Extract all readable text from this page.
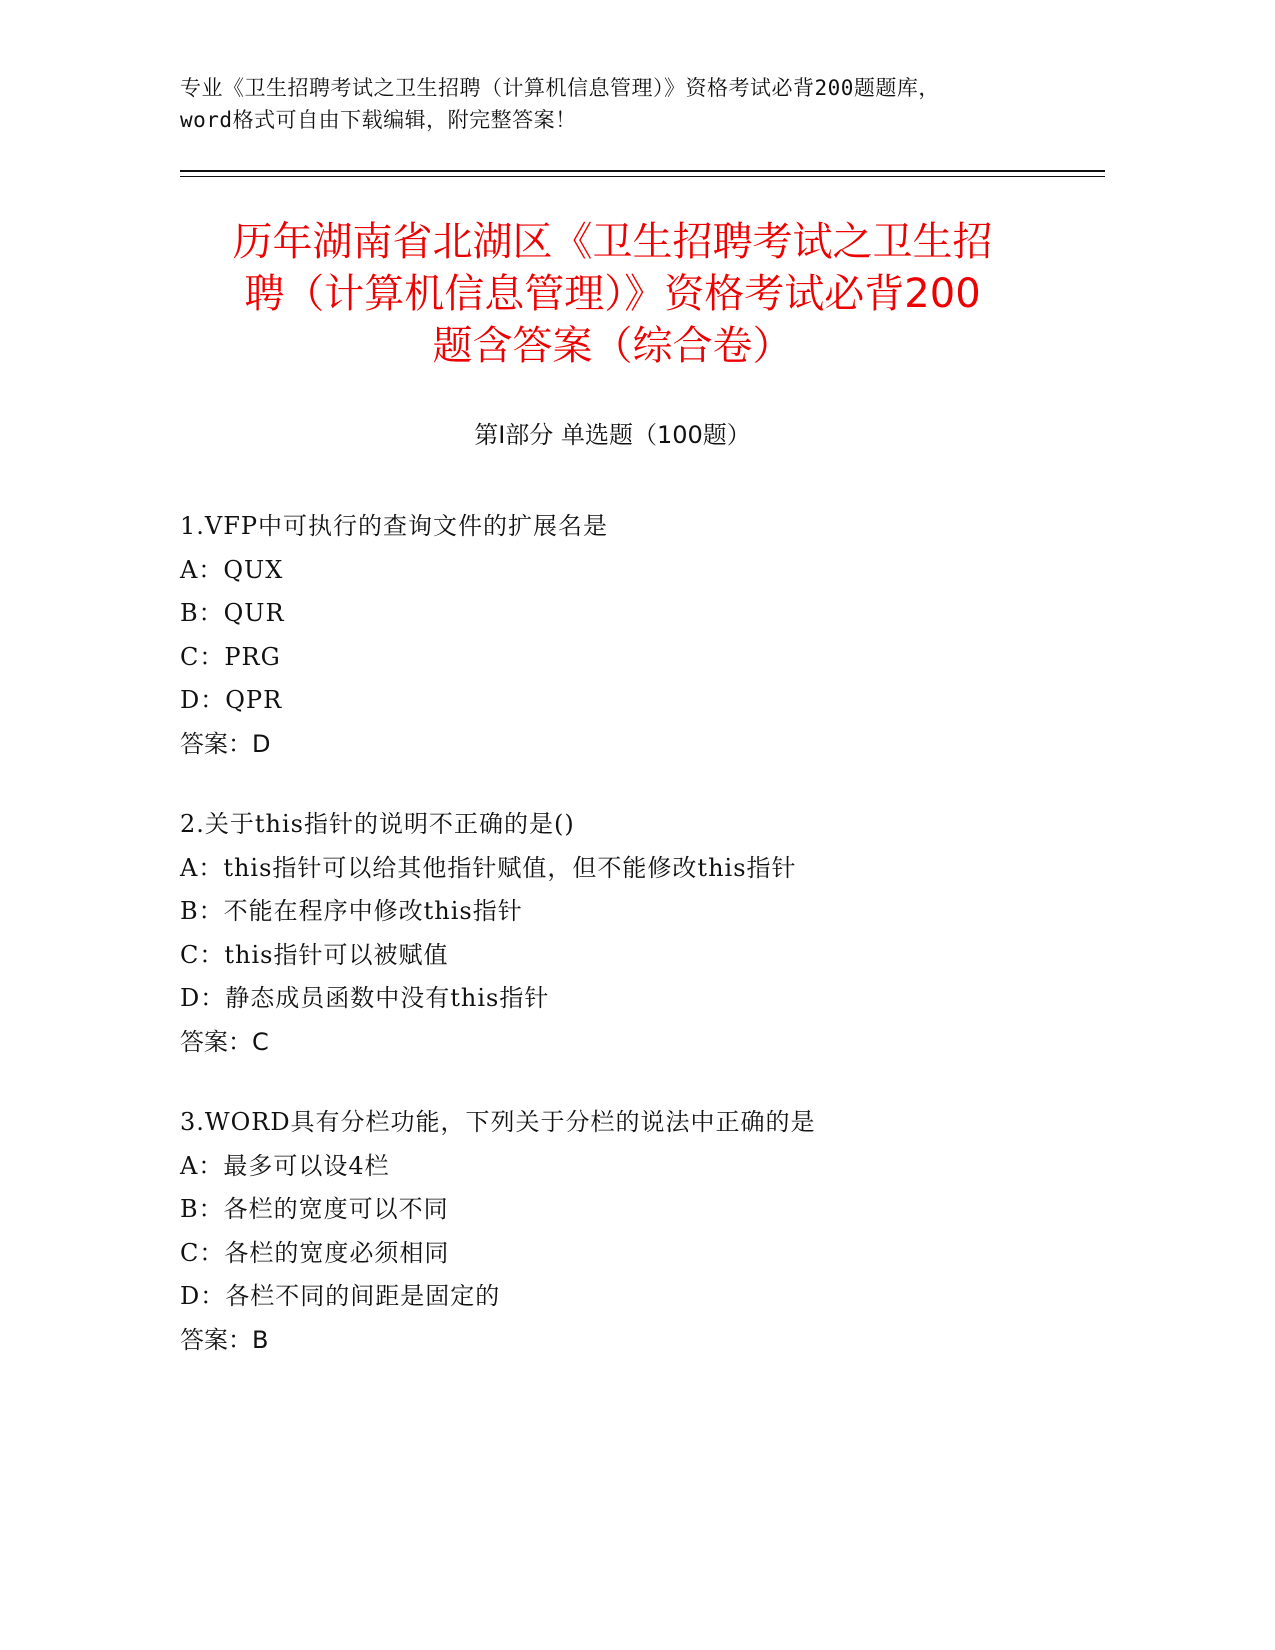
专业《卫生招聘考试之卫生招聘（计算机信息管理）》资格考试必背200题题库，
word格式可自由下载编辑，附完整答案！
历年湖南省北湖区《卫生招聘考试之卫生招
聘（计算机信息管理）》资格考试必背200
题含答案（综合卷）
第Ⅰ部分 单选题（100题）
1.VFP中可执行的查询文件的扩展名是
A：QUX
B：QUR
C：PRG
D：QPR
答案：D
2.关于this指针的说明不正确的是()
A：this指针可以给其他指针赋值，但不能修改this指针
B：不能在程序中修改this指针
C：this指针可以被赋值
D：静态成员函数中没有this指针
答案：C
3.WORD具有分栏功能，下列关于分栏的说法中正确的是
A：最多可以设4栏
B：各栏的宽度可以不同
C：各栏的宽度必须相同
D：各栏不同的间距是固定的
答案：B
